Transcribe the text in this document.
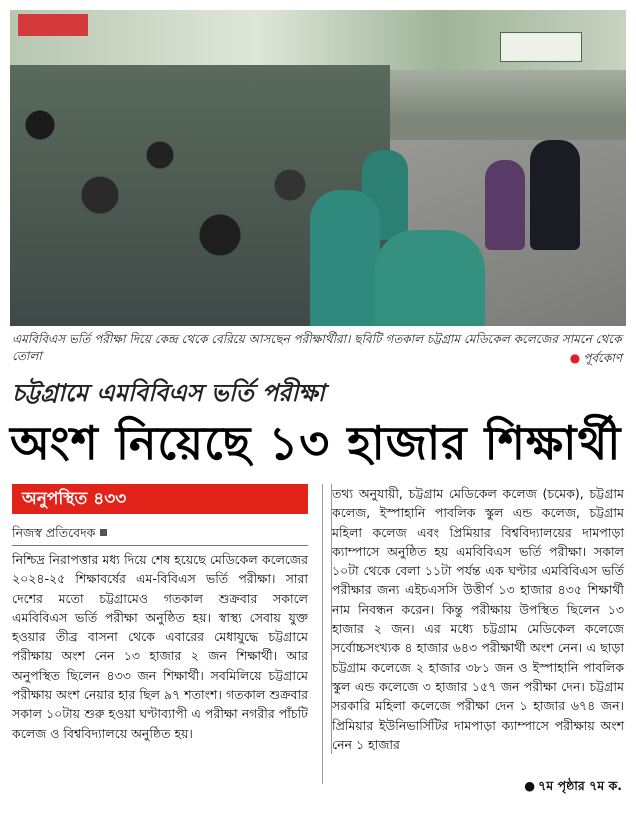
এমবিবিএস ভর্তি পরীক্ষা দিয়ে কেন্দ্র থেকে বেরিয়ে আসছেন পরীক্ষার্থীরা। ছবিটি গতকাল চট্টগ্রাম মেডিকেল কলেজের সামনে থেকে তোলা	● পূর্বকোণ
চট্টগ্রামে এমবিবিএস ভর্তি পরীক্ষা
অংশ নিয়েছে ১৩ হাজার শিক্ষার্থী
অনুপস্থিত ৪৩৩
নিজস্ব প্রতিবেদক
নিশ্চিদ্র নিরাপত্তার মধ্য দিয়ে শেষ হয়েছে মেডিকেল কলেজের ২০২৪-২৫ শিক্ষাবর্ষের এম-বিবিএস ভর্তি পরীক্ষা। সারা দেশের মতো চট্টগ্রামেও গতকাল শুক্রবার সকালে এমবিবিএস ভর্তি পরীক্ষা অনুষ্ঠিত হয়। স্বাস্থ্য সেবায় যুক্ত হওয়ার তীব্র বাসনা থেকে এবারের মেধাযুদ্ধে চট্টগ্রামে পরীক্ষায় অংশ নেন ১৩ হাজার ২ জন শিক্ষার্থী। আর অনুপস্থিত ছিলেন ৪৩৩ জন শিক্ষার্থী। সবমিলিয়ে চট্টগ্রামে পরীক্ষায় অংশ নেয়ার হার ছিল ৯৭ শতাংশ। গতকাল শুক্রবার সকাল ১০টায় শুরু হওয়া ঘণ্টাব্যাপী এ পরীক্ষা নগরীর পাঁচটি কলেজ ও বিশ্ববিদ্যালয়ে অনুষ্ঠিত হয়।
তথ্য অনুযায়ী, চট্টগ্রাম মেডিকেল কলেজ (চমেক), চট্টগ্রাম কলেজ, ইস্পাহানি পাবলিক স্কুল এন্ড কলেজ, চট্টগ্রাম মহিলা কলেজ এবং প্রিমিয়ার বিশ্ববিদ্যালয়ের দামপাড়া ক্যাম্পাসে অনুষ্ঠিত হয় এমবিবিএস ভর্তি পরীক্ষা। সকাল ১০টা থেকে বেলা ১১টা পর্যন্ত এক ঘণ্টার এমবিবিএস ভর্তি পরীক্ষার জন্য এইচএসসি উত্তীর্ণ ১৩ হাজার ৪৩৫ শিক্ষার্থী নাম নিবন্ধন করেন। কিন্তু পরীক্ষায় উপস্থিত ছিলেন ১৩ হাজার ২ জন। এর মধ্যে চট্টগ্রাম মেডিকেল কলেজে সর্বোচ্চসংখ্যক ৪ হাজার ৬৪৩ পরীক্ষার্থী অংশ নেন। এ ছাড়া চট্টগ্রাম কলেজে ২ হাজার ৩৮১ জন ও ইস্পাহানি পাবলিক স্কুল এন্ড কলেজে ৩ হাজার ১৫৭ জন পরীক্ষা দেন। চট্টগ্রাম সরকারি মহিলা কলেজে পরীক্ষা দেন ১ হাজার ৬৭৪ জন। প্রিমিয়ার ইউনিভার্সিটির দামপাড়া ক্যাম্পাসে পরীক্ষায় অংশ নেন ১ হাজার
● ৭ম পৃষ্ঠার ৭ম ক.
